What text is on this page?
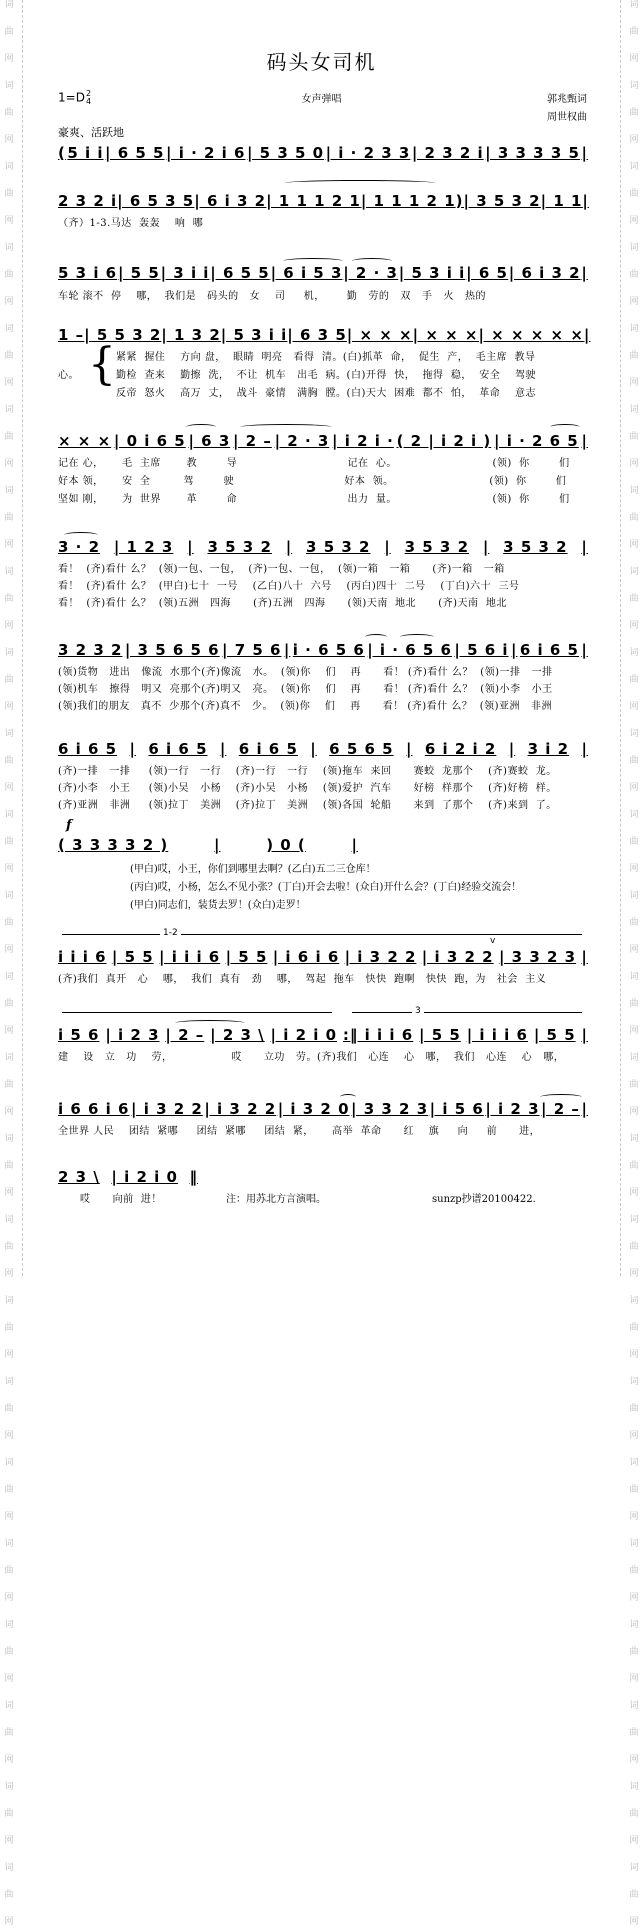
词
曲
网
词
曲
网
词
曲
网
词
曲
网
词
曲
网
词
曲
网
词
曲
网
词
曲
网
词
曲
网
词
曲
网
词
曲
网
词
曲
网
词
曲
网
词
曲
网
词
曲
网
词
曲
网
词
曲
网
词
曲
网
词
曲
网
词
曲
网
词
曲
网
词
曲
网
词
曲
网
词
曲
网
词
曲
网
词
曲
网
词
曲
网
词
曲
网
词
曲
网
词
曲
网
词
曲
网
词
曲
网
词
曲
网
词
曲
网
词
曲
网
词
曲
网
词
曲
网
词
曲
网
词
曲
网
词
曲
网
词
曲
网
词
曲
网
词
曲
网
词
曲
网
词
曲
网
词
曲
网
词
曲
网
词
曲
网
码头女司机
1=D2
4	女声弹唱	郭兆甄词
周世权曲
豪爽、活跃地
( 5 i i | 6 5 5 | i · 2 i 6 | 5 3 5 0 | i · 2 3 3 | 2 3 2 i | 3 3 3 3 5 |
2 3 2 i | 6 5 3 5 | 6 i 3 2 | 1 1 1 2 1 | 1 1 1 2 1 ) | 3 5 3 2 | 1 1 |
（齐）1-3.马达  轰轰    响  哪
5 3 i 6 | 5 5 | 3 i i | 6 5 5 | 6 i 5 3 | 2 · 3 | 5 3 i i | 6 5 | 6 i 3 2 |
车轮 滚不  停    哪，  我们是   码头的   女    司     机，      勤   劳的   双   手   火   热的
1 – | 5 5 3 2 | 1 3 2 | 5 3 i i | 6 3 5 | × × × | × × × | × × × × × |
心。 { 紧紧  握住    方向 盘，  眼睛  明亮   看得  清。(白)抓革  命，  促生  产，  毛主席  教导
勤检  查来    勤擦  洗，  不让  机车   出毛  病。(白)开得  快，  拖得  稳，  安全    驾驶
反帝  怒火    高万  丈，  战斗  豪情   满胸  膛。(白)天大  困难  都不  怕，  革命    意志
× × × | 0 i 6 5 | 6 3 | 2 – | 2 · 3 | i 2 i · ( 2 | i 2 i ) | i · 2 6 5 |
记在 心，     毛  主席       教        导                              记在  心。                          (领)  你        们
好本 领，     安  全         驾        驶                              好本  领。                          (领)  你        们
坚如 刚，     为  世界       革        命                              出力  量。                          (领)  你        们
3 · 2 | 1 2 3 | 3 5 3 2 | 3 5 3 2 | 3 5 3 2 | 3 5 3 2 |
看！  (齐)看什 么？  (领)一包、一包，  (齐)一包、一包，  (领)一箱   一箱      (齐)一箱   一箱
看！  (齐)看什 么？  (甲白)七十  一号    (乙白)八十  六号    (丙白)四十  二号    (丁白)六十  三号
看！  (齐)看什 么？  (领)五洲   四海      (齐)五洲   四海      (领)天南  地北      (齐)天南  地北
3 2 3 2 | 3 5 6 5 6 | 7 5 6 | i · 6 5 6 | i · 6 5 6 | 5 6 i | 6 i 6 5 |
(领)货物   进出   像流  水那个(齐)像流   水。  (领)你    们    再      看！ (齐)看什 么？  (领)一排   一排
(领)机车   擦得   明又  亮那个(齐)明又   亮。  (领)你    们    再      看！ (齐)看什 么？  (领)小李   小王
(领)我们的朋友   真不  少那个(齐)真不   少。  (领)你    们    再      看！ (齐)看什 么？  (领)亚洲   非洲
6 i 6 5 | 6 i 6 5 | 6 i 6 5 | 6 5 6 5 | 6 i 2 i 2 | 3 i 2 |
(齐)一排   一排     (领)一行   一行    (齐)一行   一行    (领)拖车  来回      赛蛟  龙那个    (齐)赛蛟  龙。
(齐)小李   小王     (领)小吴   小杨    (齐)小吴   小杨    (领)爱护  汽车      好榜  样那个    (齐)好榜  样。
(齐)亚洲   非洲     (领)拉丁   美洲    (齐)拉丁   美洲    (领)各国  轮船      来到  了那个    (齐)来到  了。
f
( 3 3 3 3 2 )	|	) 0 (	|
(甲白)哎，小王，你们到哪里去啊？(乙白)五二三仓库！
(丙白)哎，小杨，怎么不见小张？(丁白)开会去啦！(众白)开什么会？(丁白)经验交流会！
(甲白)同志们，装货去罗！(众白)走罗！
1-2
v
i i i 6 | 5 5 | i i i 6 | 5 5 | i 6 i 6 | i 3 2 2 | i 3 2 2 | 3 3 2 3 |
(齐)我们  真开   心    哪，  我们  真有   劲    哪，  驾起  拖车   快快  跑啊   快快  跑，为   社会  主义
3
i 5 6 | i 2 3 | 2 – | 2 3 \ | i 2 i 0 :‖ i i i 6 | 5 5 | i i i 6 | 5 5 |
建    设   立   功    劳，                哎      立功   劳。(齐)我们   心连    心   哪，  我们   心连    心   哪，
i 6 6 i 6 | i 3 2 2 | i 3 2 2 | i 3 2 0 | 3 3 2 3 | i 5 6 | i 2 3 | 2 – |
全世界 人民    团结  紧哪     团结  紧哪     团结  紧，     高举  革命      红    旗     向     前      进，
2 3 \ | i 2 i 0 ‖
哎      向前  进！	注：用苏北方言演唱。	sunzp抄谱20100422.
